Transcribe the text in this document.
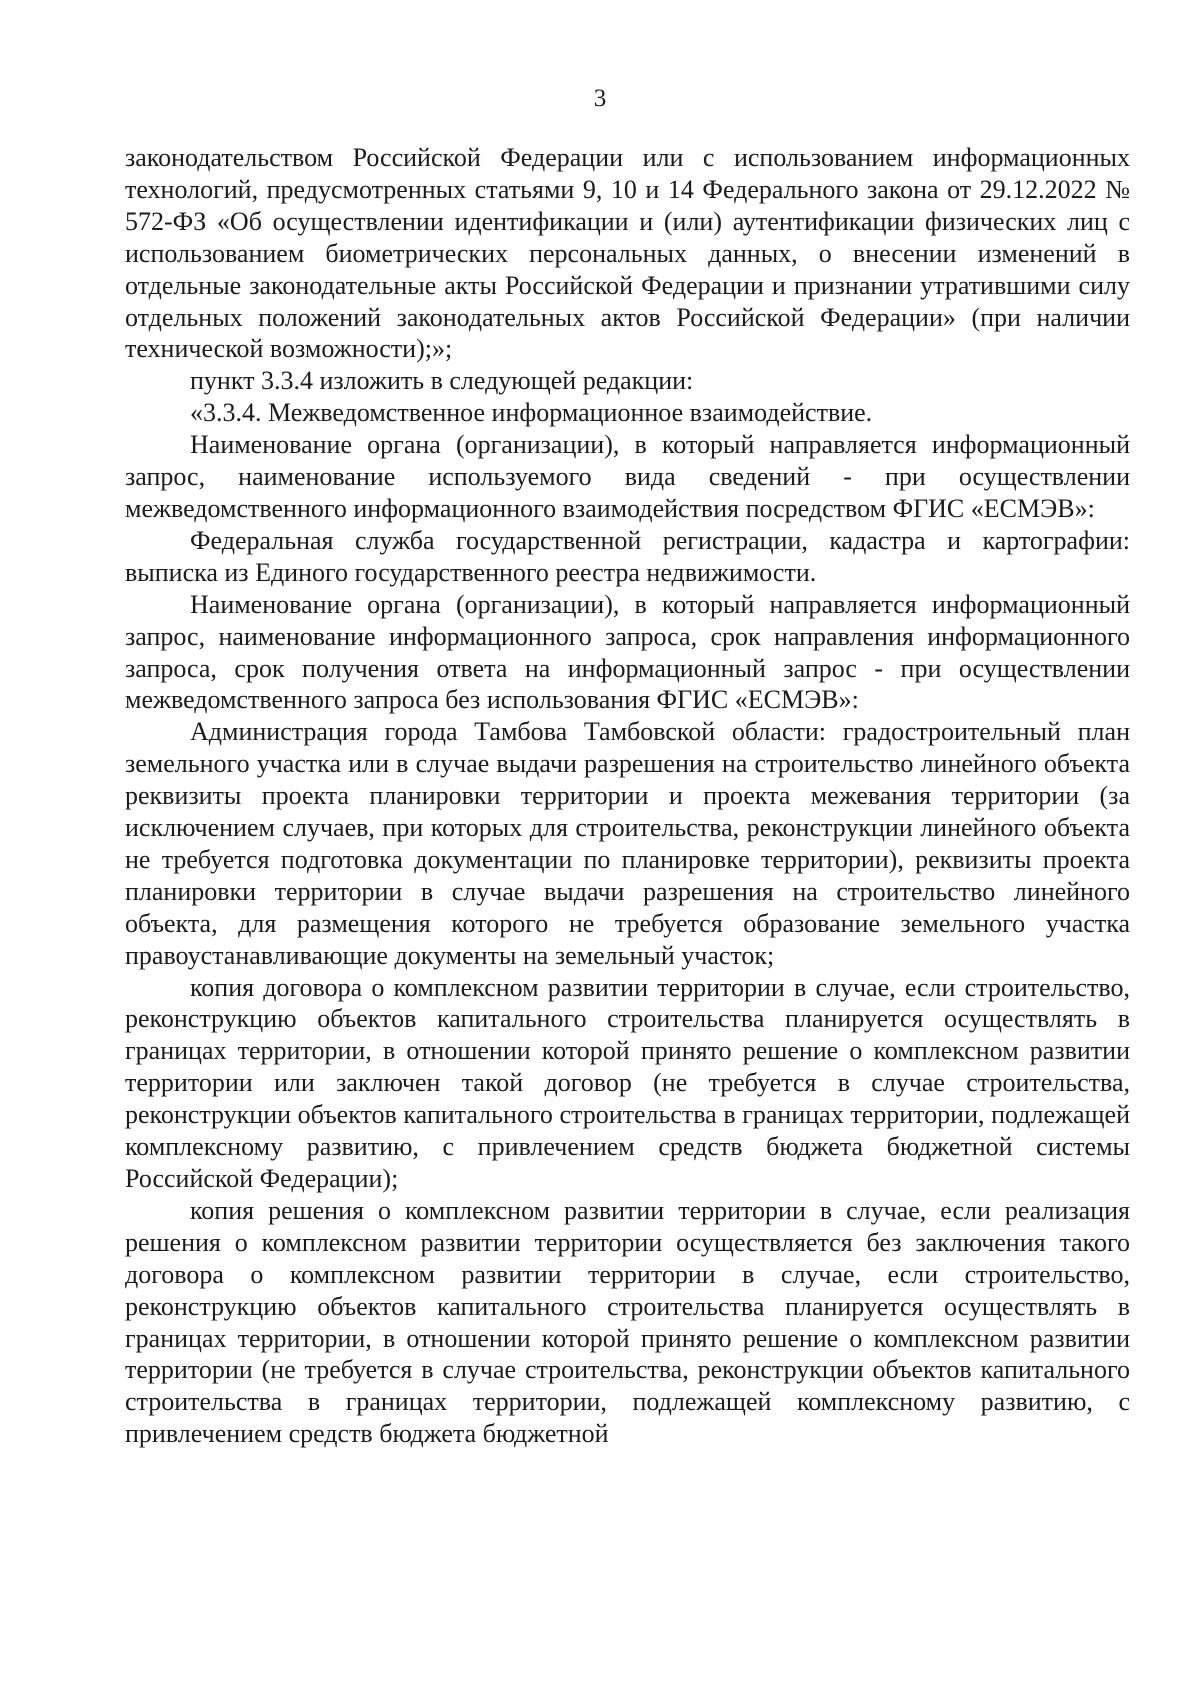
3

законодательством Российской Федерации или с использованием информационных технологий, предусмотренных статьями 9, 10 и 14 Федерального закона от 29.12.2022 № 572-ФЗ «Об осуществлении идентификации и (или) аутентификации физических лиц с использованием биометрических персональных данных, о внесении изменений в отдельные законодательные акты Российской Федерации и признании утратившими силу отдельных положений законодательных актов Российской Федерации» (при наличии технической возможности);»;

пункт 3.3.4 изложить в следующей редакции:

«3.3.4. Межведомственное информационное взаимодействие.

Наименование органа (организации), в который направляется информационный запрос, наименование используемого вида сведений - при осуществлении межведомственного информационного взаимодействия посредством ФГИС «ЕСМЭВ»:

Федеральная служба государственной регистрации, кадастра и картографии: выписка из Единого государственного реестра недвижимости.

Наименование органа (организации), в который направляется информационный запрос, наименование информационного запроса, срок направления информационного запроса, срок получения ответа на информационный запрос - при осуществлении межведомственного запроса без использования ФГИС «ЕСМЭВ»:

Администрация города Тамбова Тамбовской области: градостроительный план земельного участка или в случае выдачи разрешения на строительство линейного объекта реквизиты проекта планировки территории и проекта межевания территории (за исключением случаев, при которых для строительства, реконструкции линейного объекта не требуется подготовка документации по планировке территории), реквизиты проекта планировки территории в случае выдачи разрешения на строительство линейного объекта, для размещения которого не требуется образование земельного участка правоустанавливающие документы на земельный участок;

копия договора о комплексном развитии территории в случае, если строительство, реконструкцию объектов капитального строительства планируется осуществлять в границах территории, в отношении которой принято решение о комплексном развитии территории или заключен такой договор (не требуется в случае строительства, реконструкции объектов капитального строительства в границах территории, подлежащей комплексному развитию, с привлечением средств бюджета бюджетной системы Российской Федерации);

копия решения о комплексном развитии территории в случае, если реализация решения о комплексном развитии территории осуществляется без заключения такого договора о комплексном развитии территории в случае, если строительство, реконструкцию объектов капитального строительства планируется осуществлять в границах территории, в отношении которой принято решение о комплексном развитии территории (не требуется в случае строительства, реконструкции объектов капитального строительства в границах территории, подлежащей комплексному развитию, с привлечением средств бюджета бюджетной
